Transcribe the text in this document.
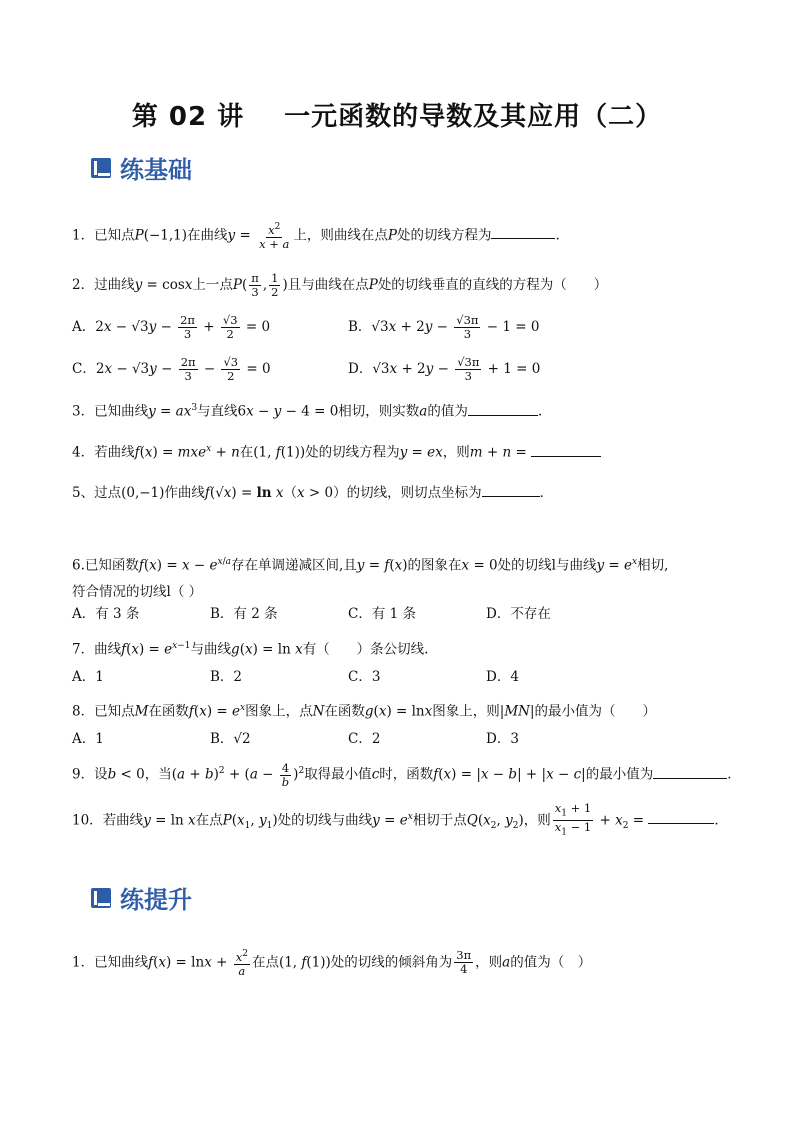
第 02 讲 一元函数的导数及其应用（二）
练基础
1．已知点P(−1,1)在曲线$y = \frac{x^2}{x + a}$ 上，则曲线在点P处的切线方程为	.
2．过曲线y = cosx上一点$P( \frac{\pi}{3}$ , $\frac{1}{2}$ )且与曲线在点P处的切线垂直的直线的方程为（　　）
A．$2x - √3y - \frac{2\pi}{3} + \frac{√3}{2} = 0$	B．$√3x + 2y - \frac{√3\pi}{3} - 1 = 0$
C．$2x - √3y - \frac{2\pi}{3} - \frac{√3}{2} = 0$	D．$√3x + 2y - \frac{√3\pi}{3} + 1 = 0$
3．已知曲线$y = ax^3$与直线6x − y − 4 = 0相切，则实数a的值为	.
4．若曲线f(x) = mxe$^x$ + n在(1, f(1))处的切线方程为y = ex，则m + n =
5、过点(0,−1)作曲线f(√x) = ln x（x > 0）的切线，则切点坐标为	．
6.已知函数$f(x) = x - e^{x/a}$存在单调递减区间,且y = f(x)的图象在x = 0处的切线l与曲线$y = e^x$相切,
符合情况的切线l（ ）
A．有 3 条	B．有 2 条	C．有 1 条	D．不存在
7．曲线$f(x) = e^{x-1}$与曲线g(x) = ln x有（　　）条公切线.
A．1	B．2	C．3	D．4
8．已知点M在函数$f(x) = e^x$图象上，点N在函数g(x) = lnx图象上，则|MN|的最小值为（　　）
A．1	B．√2	C．2	D．3
9．设b < 0，当$(a + b)^2 + (a - \frac{4}{b} )^2$取得最小值c时，函数f(x) = |x − b| + |x − c|的最小值为	.
10．若曲线y = ln x在点$P(x_1$, $y_1$)处的切线与曲线$y = e^x$相切于点$Q(x_2$, $y_2$)，则 $\frac{x_1 + 1}{x_1 - 1} + x_2$ =	.
练提升
1．已知曲线$f(x) = \ln x + \frac{x^2}{a}$ 在点(1, f(1))处的切线的倾斜角为 $\frac{3\pi}{4}$ ，则a的值为（　）
